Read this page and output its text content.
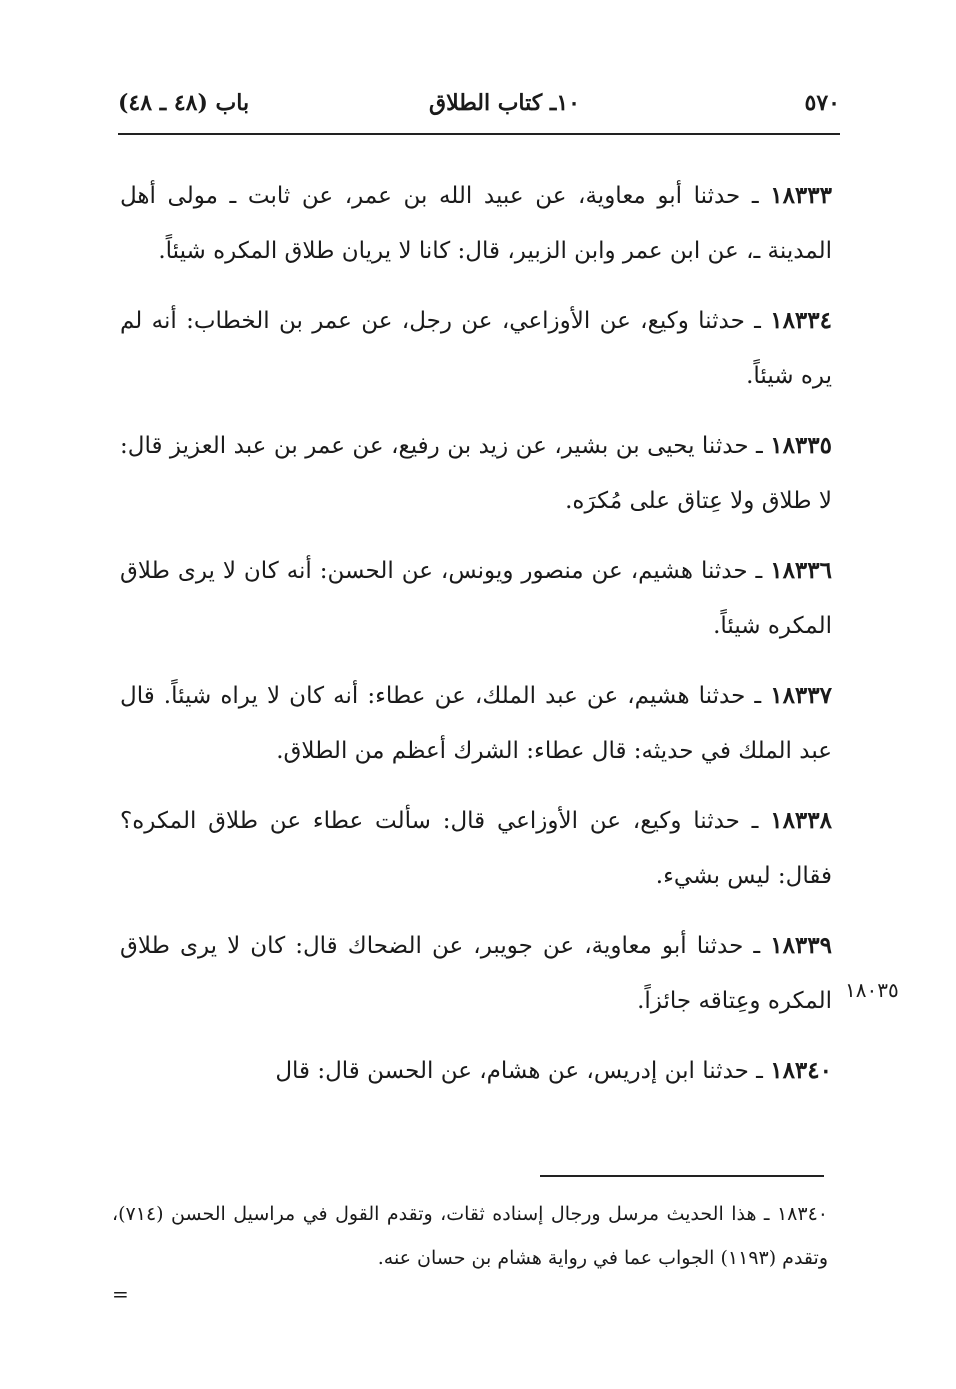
٥٧٠
١٠ـ كتاب الطلاق
باب (٤٨ ـ ٤٨)

١٨٣٣٣ ـ حدثنا أبو معاوية، عن عبيد الله بن عمر، عن ثابت ـ مولى أهل المدينة ـ، عن ابن عمر وابن الزبير، قال: كانا لا يريان طلاق المكره شيئاً.

١٨٣٣٤ ـ حدثنا وكيع، عن الأوزاعي، عن رجل، عن عمر بن الخطاب: أنه لم يره شيئاً.

١٨٣٣٥ ـ حدثنا يحيى بن بشير، عن زيد بن رفيع، عن عمر بن عبد العزيز قال: لا طلاق ولا عِتاق على مُكرَه.

١٨٣٣٦ ـ حدثنا هشيم، عن منصور ويونس، عن الحسن: أنه كان لا يرى طلاق المكره شيئاً.

١٨٣٣٧ ـ حدثنا هشيم، عن عبد الملك، عن عطاء: أنه كان لا يراه شيئاً. قال عبد الملك في حديثه: قال عطاء: الشرك أعظم من الطلاق.

١٨٣٣٨ ـ حدثنا وكيع، عن الأوزاعي قال: سألت عطاء عن طلاق المكره؟ فقال: ليس بشيء.

١٨٣٣٩ ـ حدثنا أبو معاوية، عن جويبر، عن الضحاك قال: كان لا يرى طلاق المكره وعِتاقه جائزاً.

١٨٣٤٠ ـ حدثنا ابن إدريس، عن هشام، عن الحسن قال: قال

١٨٠٣٥
١٨٣٤٠ ـ هذا الحديث مرسل ورجال إسناده ثقات، وتقدم القول في مراسيل الحسن (٧١٤)، وتقدم (١١٩٣) الجواب عما في رواية هشام بن حسان عنه.
=
